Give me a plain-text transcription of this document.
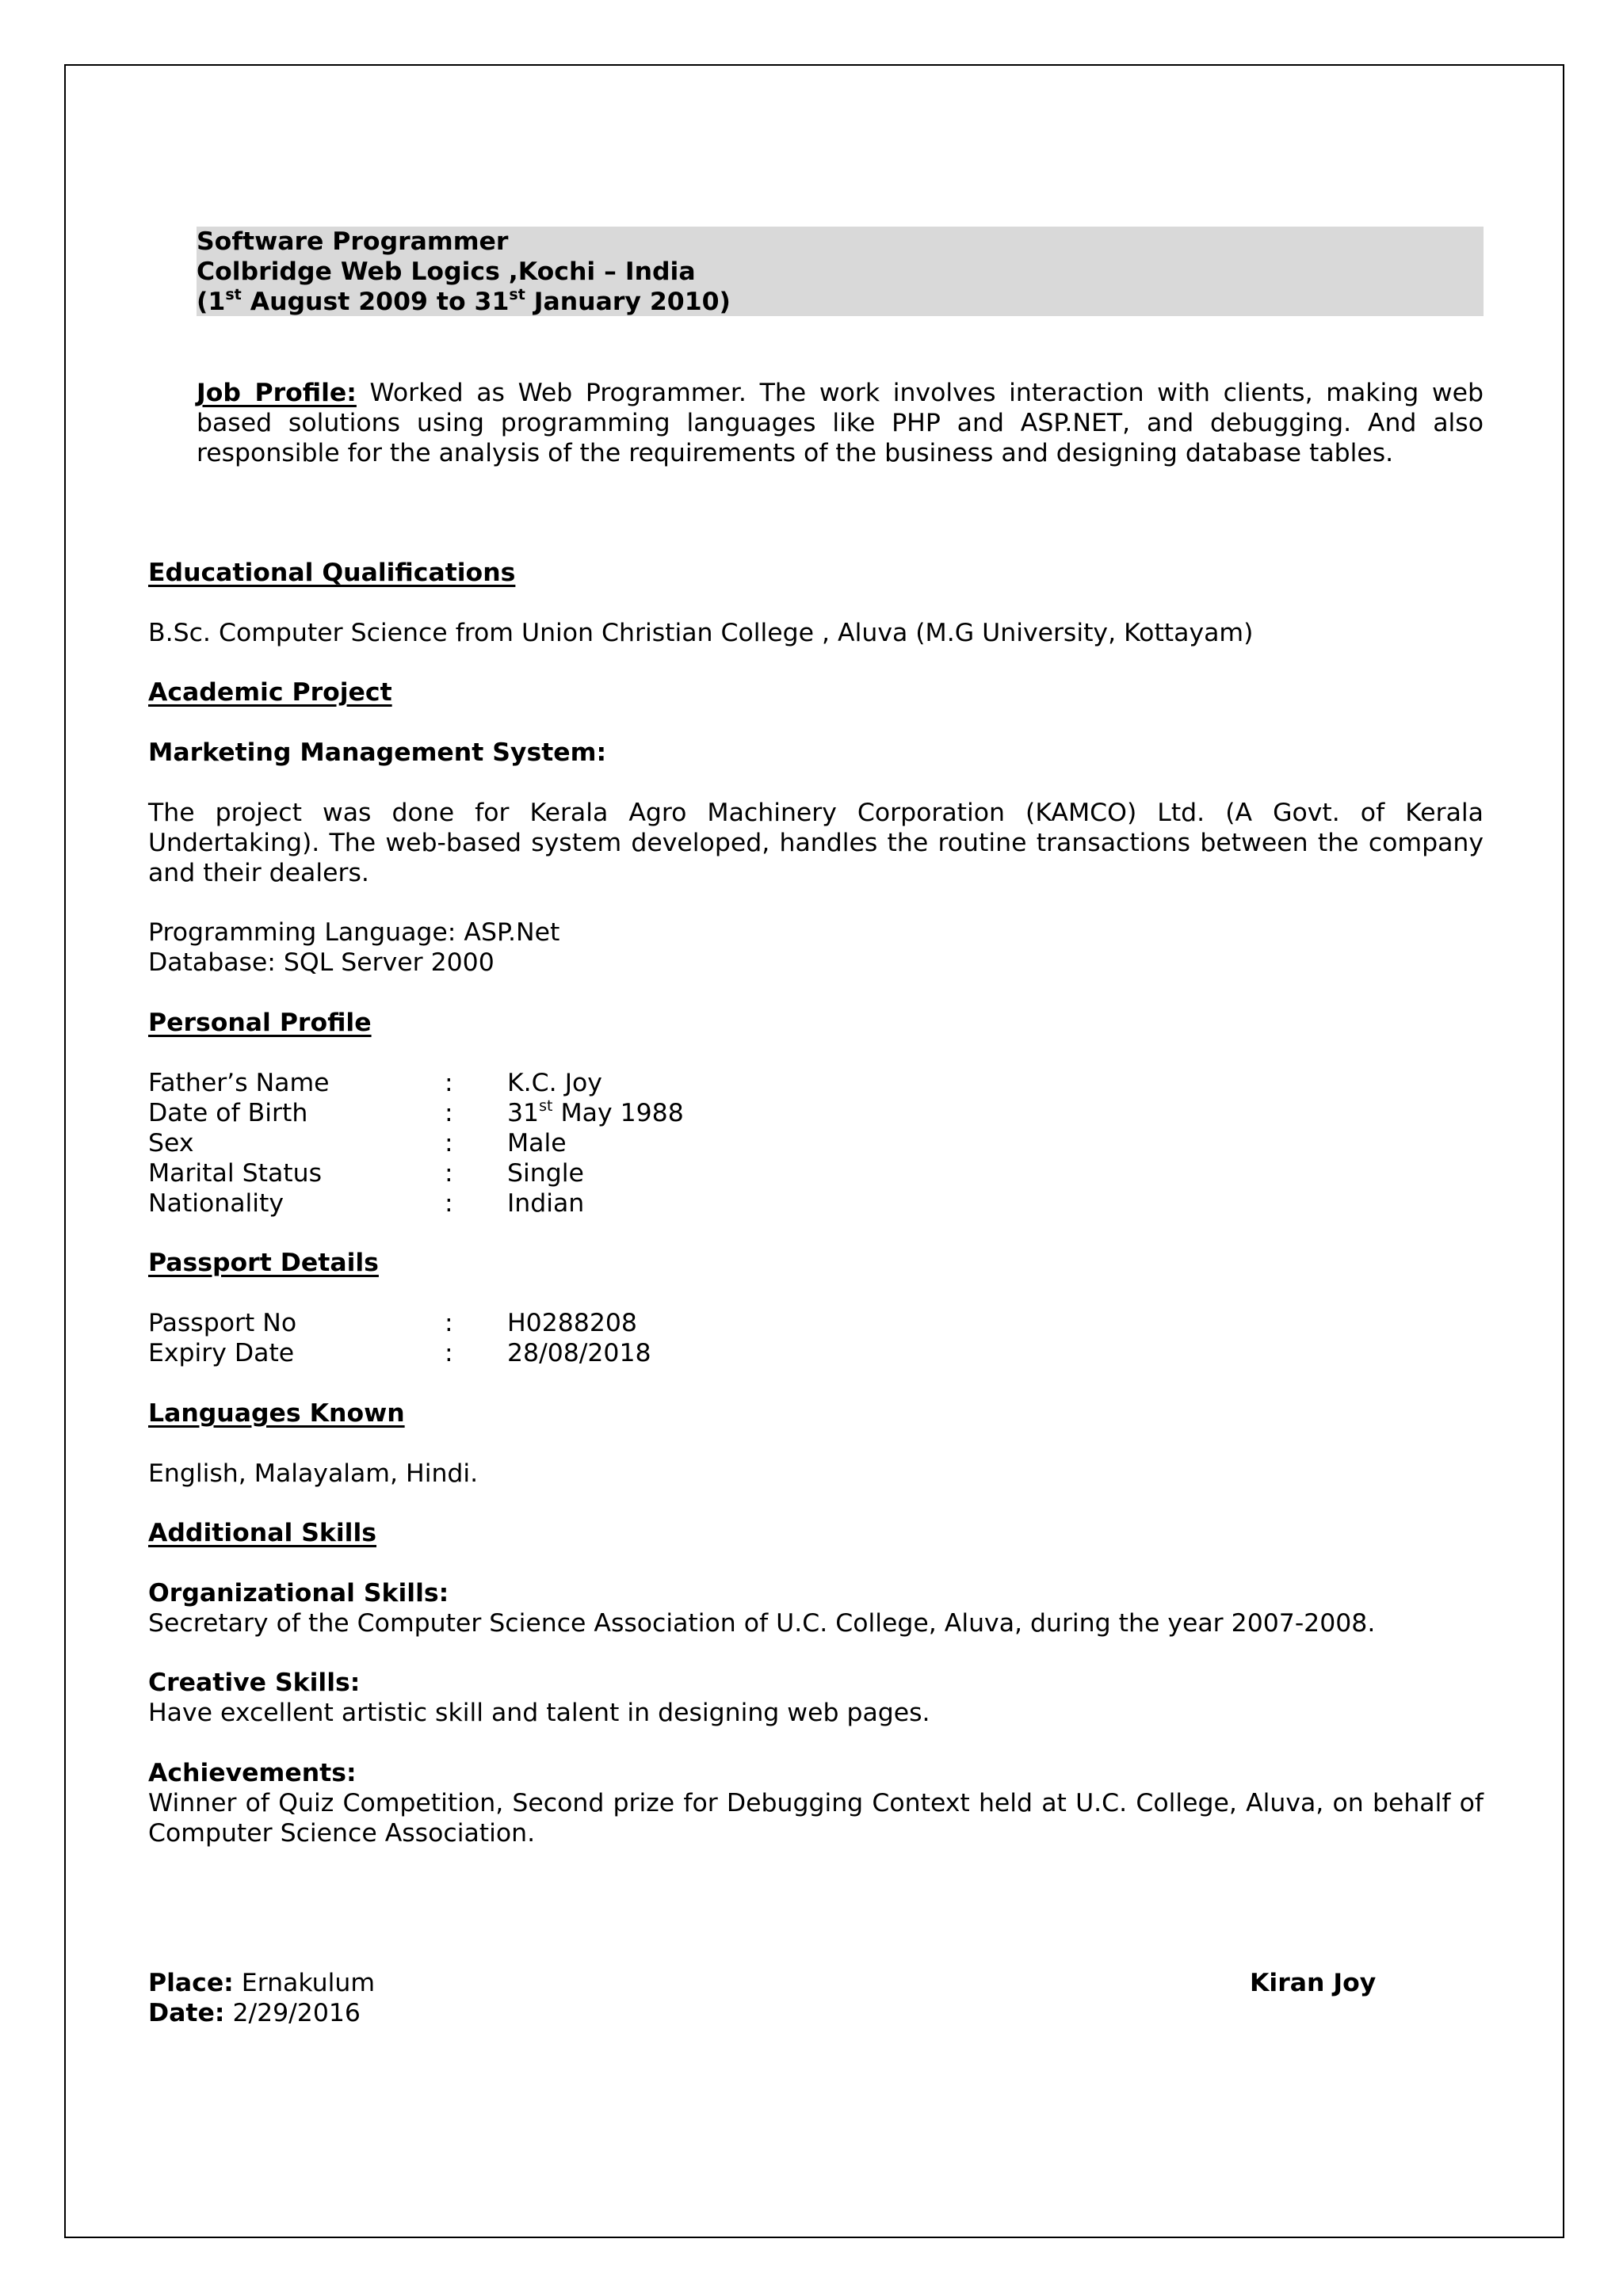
Software Programmer
Colbridge Web Logics ,Kochi – India
(1st August 2009 to 31st January 2010)
Job Profile: Worked as Web Programmer. The work involves interaction with clients, making web based solutions using programming languages like PHP and ASP.NET, and debugging. And also responsible for the analysis of the requirements of the business and designing database tables.
Educational Qualifications
B.Sc. Computer Science from Union Christian College , Aluva (M.G University, Kottayam)
Academic Project
Marketing Management System:
The project was done for Kerala Agro Machinery Corporation (KAMCO) Ltd. (A Govt. of Kerala Undertaking). The web-based system developed, handles the routine transactions between the company and their dealers.
Programming Language: ASP.Net
Database: SQL Server 2000
Personal Profile
Father’s Name	: K.C. Joy
Date of Birth	: 31st May 1988
Sex	: Male
Marital Status	: Single
Nationality	: Indian
Passport Details
Passport No	: H0288208
Expiry Date	: 28/08/2018
Languages Known
English, Malayalam, Hindi.
Additional Skills
Organizational Skills:
Secretary of the Computer Science Association of U.C. College, Aluva, during the year 2007-2008.
Creative Skills:
Have excellent artistic skill and talent in designing web pages.
Achievements:
Winner of Quiz Competition, Second prize for Debugging Context held at U.C. College, Aluva, on behalf of Computer Science Association.
Place: Ernakulum
Date: 2/29/2016
Kiran Joy
